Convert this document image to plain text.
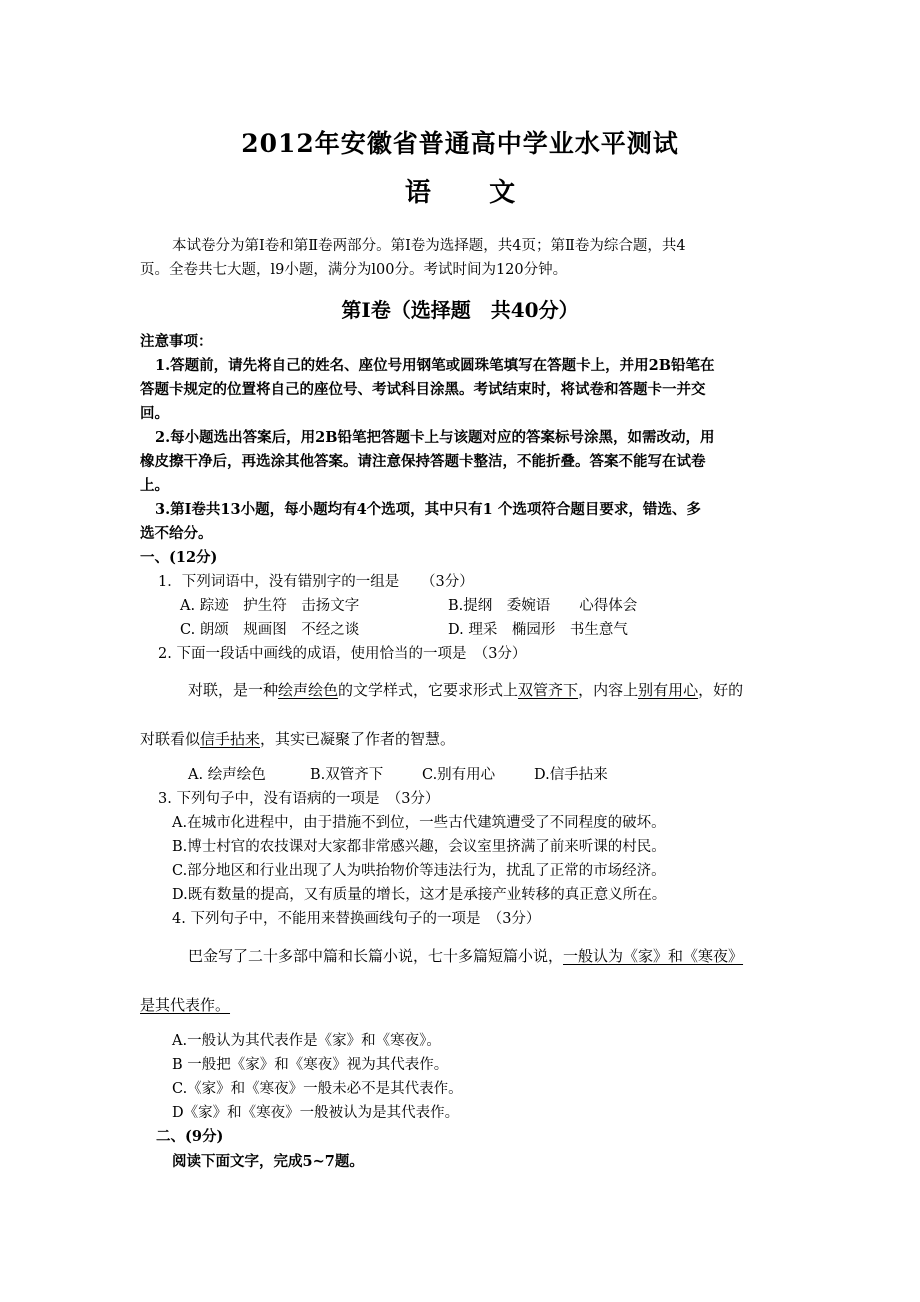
2012年安徽省普通高中学业水平测试
语 文
本试卷分为第Ⅰ卷和第Ⅱ卷两部分。第Ⅰ卷为选择题，共4页；第Ⅱ卷为综合题，共4
页。全卷共七大题，l9小题，满分为l00分。考试时间为120分钟。
第Ⅰ卷（选择题　共40分）
注意事项：
1.答题前，请先将自己的姓名、座位号用钢笔或圆珠笔填写在答题卡上，并用2B铅笔在
答题卡规定的位置将自己的座位号、考试科目涂黑。考试结束时，将试卷和答题卡一并交
回。
2.每小题选出答案后，用2B铅笔把答题卡上与该题对应的答案标号涂黑，如需改动，用
橡皮擦干净后，再选涂其他答案。请注意保持答题卡整洁，不能折叠。答案不能写在试卷
上。
3.第Ⅰ卷共13小题，每小题均有4个选项，其中只有1 个选项符合题目要求，错选、多
选不给分。
一、(12分)
1．下列词语中，没有错别字的一组是　　（3分）
A. 踪迹　护生符　击扬文字	B.提纲　委婉语　　心得体会
C. 朗颂　规画图　不经之谈	D. 理采　椭园形　书生意气
2. 下面一段话中画线的成语，使用恰当的一项是　（3分）
对联，是一种绘声绘色的文学样式，它要求形式上双管齐下，内容上别有用心，好的
对联看似信手拈来，其实已凝聚了作者的智慧。
A. 绘声绘色	B.双管齐下	C.别有用心	D.信手拈来
3. 下列句子中，没有语病的一项是　（3分）
A.在城市化进程中，由于措施不到位，一些古代建筑遭受了不同程度的破坏。
B.博士村官的农技课对大家都非常感兴趣，会议室里挤满了前来听课的村民。
C.部分地区和行业出现了人为哄抬物价等违法行为，扰乱了正常的市场经济。
D.既有数量的提高，又有质量的增长，这才是承接产业转移的真正意义所在。
4. 下列句子中，不能用来替换画线句子的一项是　（3分）
巴金写了二十多部中篇和长篇小说，七十多篇短篇小说，一般认为《家》和《寒夜》
是其代表作。
A.一般认为其代表作是《家》和《寒夜》。
B 一般把《家》和《寒夜》视为其代表作。
C.《家》和《寒夜》一般未必不是其代表作。
D《家》和《寒夜》一般被认为是其代表作。
二、(9分)
阅读下面文字，完成5~7题。
